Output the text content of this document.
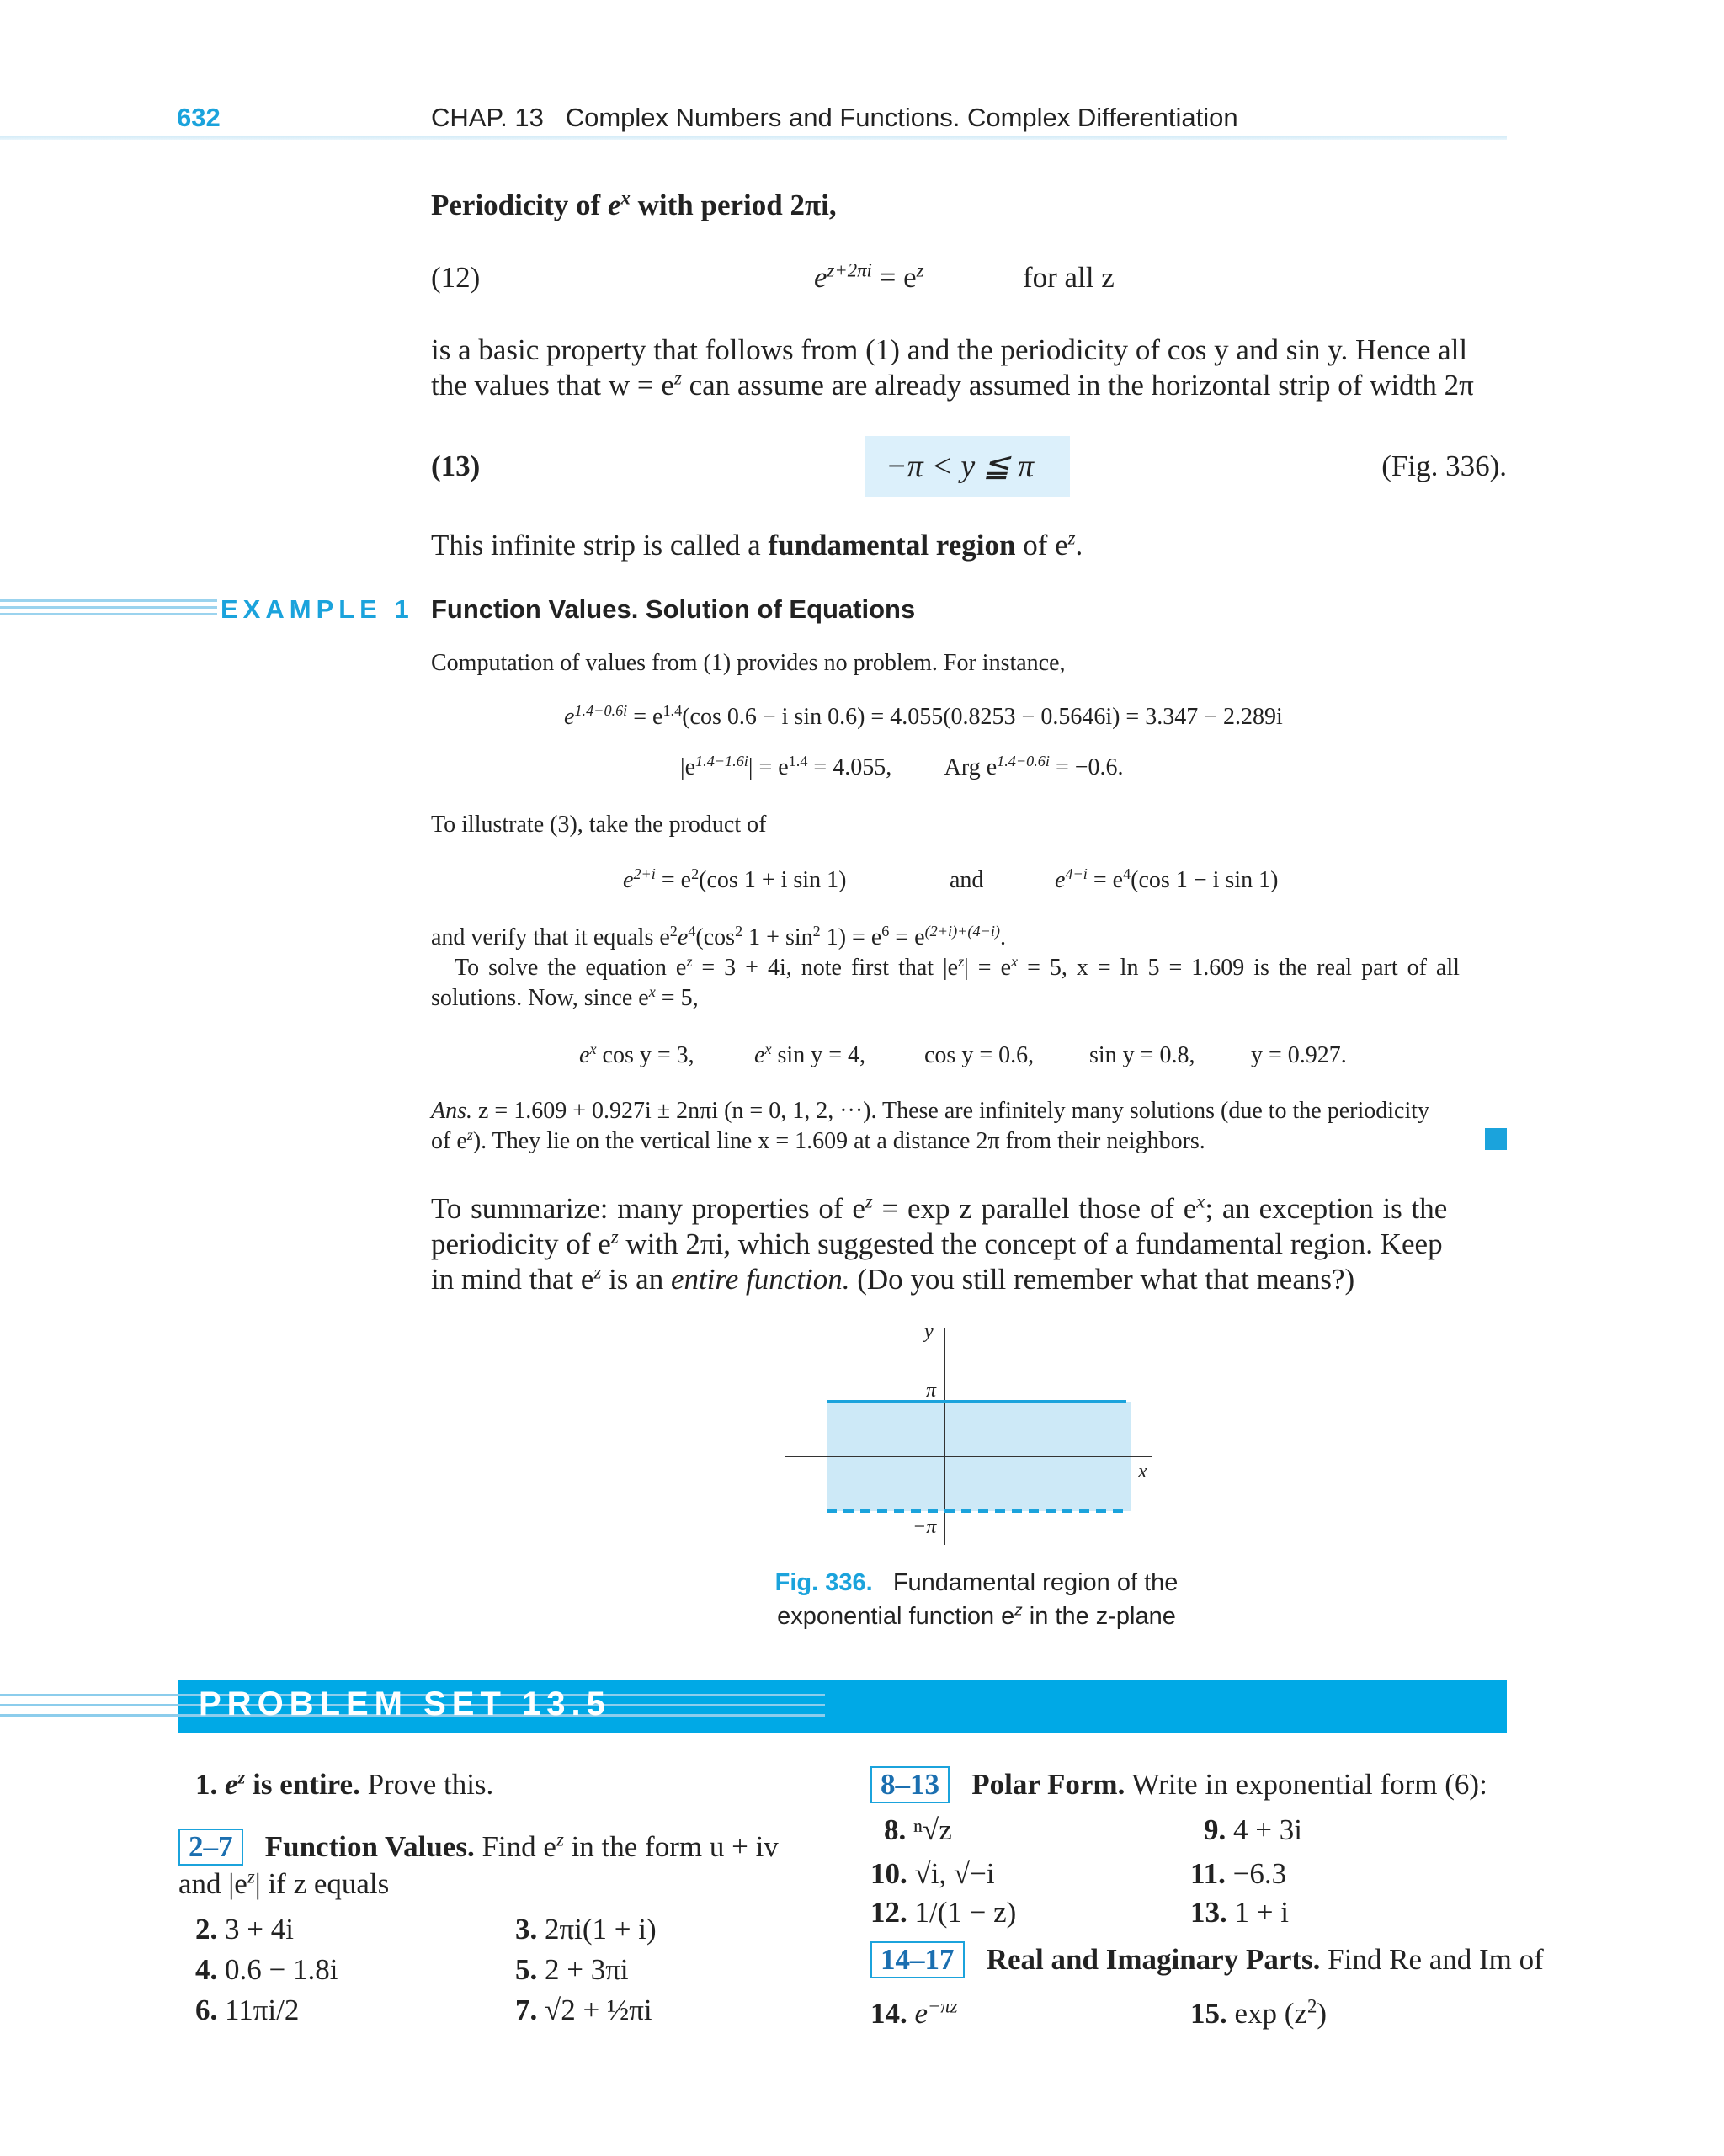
632	CHAP. 13 Complex Numbers and Functions. Complex Differentiation
Periodicity of $e^x$ with period 2πi,
(12)	$e^{z+2\pi i} = e^z$	for all z
is a basic property that follows from (1) and the periodicity of cos y and sin y. Hence all
the values that $w = e^z$ can assume are already assumed in the horizontal strip of width 2π
(13)	−π < y ≦ π	(Fig. 336).
This infinite strip is called a fundamental region of $e^z$.
EXAMPLE 1 Function Values. Solution of Equations
Computation of values from (1) provides no problem. For instance,
$e^{1.4-0.6i} = e^{1.4}(\cos$ 0.6 − i sin 0.6) = 4.055(0.8253 − 0.5646i) = 3.347 − 2.289i
$|e^{1.4-1.6i}| = e^{1.4} = 4.055$, Arg $e^{1.4-0.6i} = -0.6$.
To illustrate (3), take the product of
$e^{2+i} = e^2(\cos$ 1 + i sin 1)	and	$e^{4-i} = e^4(\cos$ 1 − i sin 1)
and verify that it equals $e^2e^4(\cos^2$ $1 + \sin^2 1) = e^6 = e^{(2+i)+(4-i)}$.
To solve the equation $e^z = 3 + 4i$, note first that $|e^z| = e^x = 5$, x = ln 5 = 1.609 is the real part of all
solutions. Now, since $e^x = 5$,
$e^x$ cos y = 3,	$e^x$ sin y = 4,	cos y = 0.6, sin y = 0.8, y = 0.927.
Ans. z = 1.609 + 0.927i ± 2nπi (n = 0, 1, 2, ···). These are infinitely many solutions (due to the periodicity
of $e^z$). They lie on the vertical line x = 1.609 at a distance 2π from their neighbors.
To summarize: many properties of $e^z = \exp z$ parallel those of $e^x$; an exception is the
periodicity of $e^z$ with 2πi, which suggested the concept of a fundamental region. Keep
in mind that $e^z$ is an entire function. (Do you still remember what that means?)
y
x
π
−π
Fig. 336. Fundamental region of the
exponential function $e^z$ in the z-plane
PROBLEM SET 13.5
1. $e^z$ is entire. Prove this.
2–7 Function Values. Find $e^z$ in the form u + iv
and $|e^z|$ if z equals
2. 3 + 4i	3. 2πi(1 + i)
4. 0.6 − 1.8i	5. 2 + 3πi
6. 11πi/2	7. √2 + ½πi
8–13 Polar Form. Write in exponential form (6):
8. ⁿ√z	9. 4 + 3i
10. √i, √−i	11. −6.3
12. 1/(1 − z)	13. 1 + i
14–17 Real and Imaginary Parts. Find Re and Im of
14. $e^{-\pi z}$	15. $\exp (z^2)$
